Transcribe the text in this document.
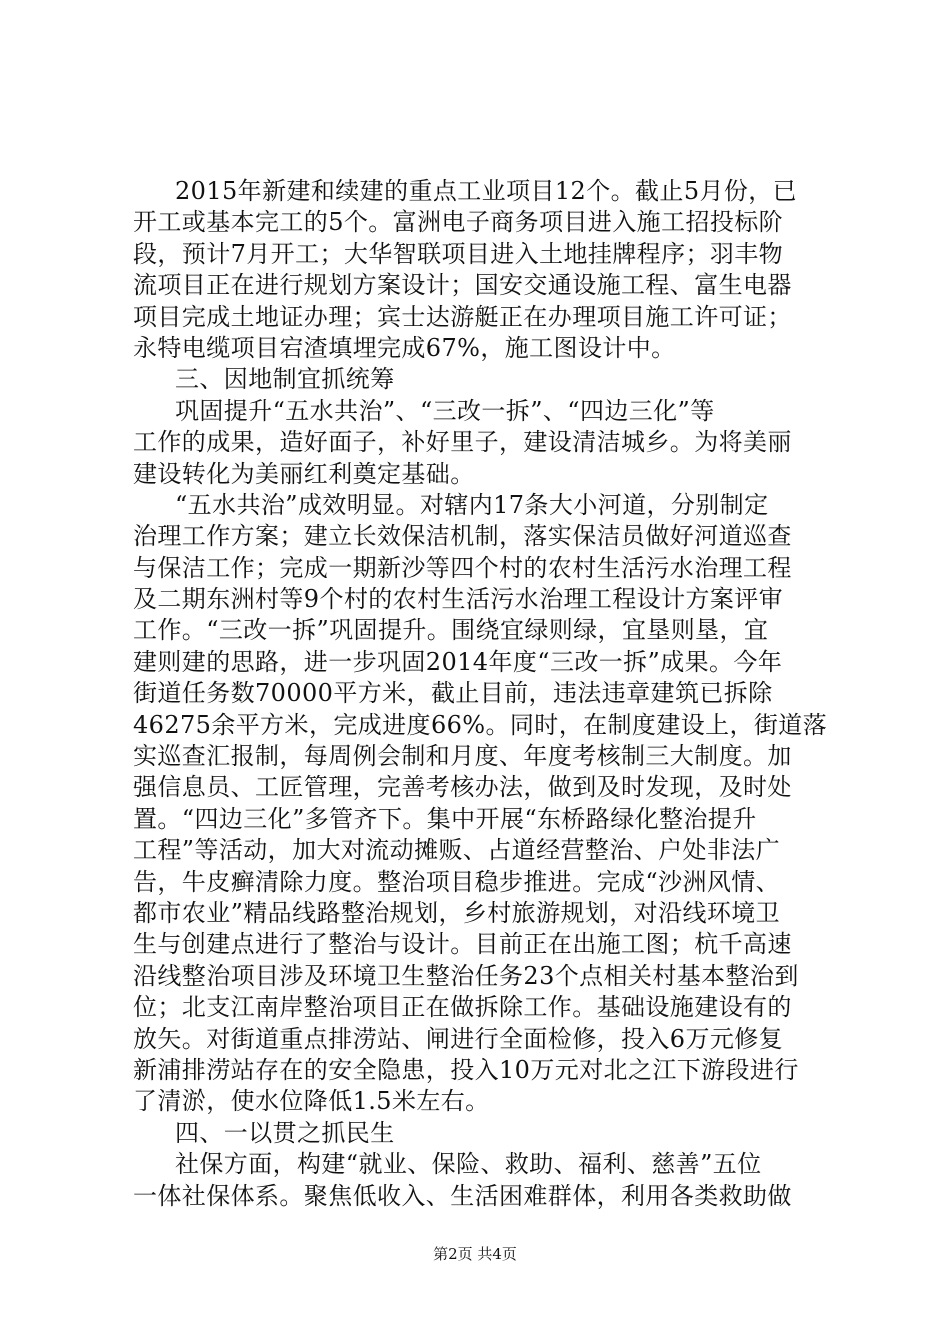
2015年新建和续建的重点工业项目12个。截止5月份，已
开工或基本完工的5个。富洲电子商务项目进入施工招投标阶
段，预计7月开工；大华智联项目进入土地挂牌程序；羽丰物
流项目正在进行规划方案设计；国安交通设施工程、富生电器
项目完成土地证办理；宾士达游艇正在办理项目施工许可证；
永特电缆项目宕渣填埋完成67%，施工图设计中。
三、因地制宜抓统筹
巩固提升“五水共治”、“三改一拆”、“四边三化”等
工作的成果，造好面子，补好里子，建设清洁城乡。为将美丽
建设转化为美丽红利奠定基础。
“五水共治”成效明显。对辖内17条大小河道，分别制定
治理工作方案；建立长效保洁机制，落实保洁员做好河道巡查
与保洁工作；完成一期新沙等四个村的农村生活污水治理工程
及二期东洲村等9个村的农村生活污水治理工程设计方案评审
工作。“三改一拆”巩固提升。围绕宜绿则绿，宜垦则垦，宜
建则建的思路，进一步巩固2014年度“三改一拆”成果。今年
街道任务数70000平方米，截止目前，违法违章建筑已拆除
46275余平方米，完成进度66%。同时，在制度建设上，街道落
实巡查汇报制，每周例会制和月度、年度考核制三大制度。加
强信息员、工匠管理，完善考核办法，做到及时发现，及时处
置。“四边三化”多管齐下。集中开展“东桥路绿化整治提升
工程”等活动，加大对流动摊贩、占道经营整治、户处非法广
告，牛皮癣清除力度。整治项目稳步推进。完成“沙洲风情、
都市农业”精品线路整治规划，乡村旅游规划，对沿线环境卫
生与创建点进行了整治与设计。目前正在出施工图；杭千高速
沿线整治项目涉及环境卫生整治任务23个点相关村基本整治到
位；北支江南岸整治项目正在做拆除工作。基础设施建设有的
放矢。对街道重点排涝站、闸进行全面检修，投入6万元修复
新浦排涝站存在的安全隐患，投入10万元对北之江下游段进行
了清淤，使水位降低1.5米左右。
四、一以贯之抓民生
社保方面，构建“就业、保险、救助、福利、慈善”五位
一体社保体系。聚焦低收入、生活困难群体，利用各类救助做
第2页 共4页
